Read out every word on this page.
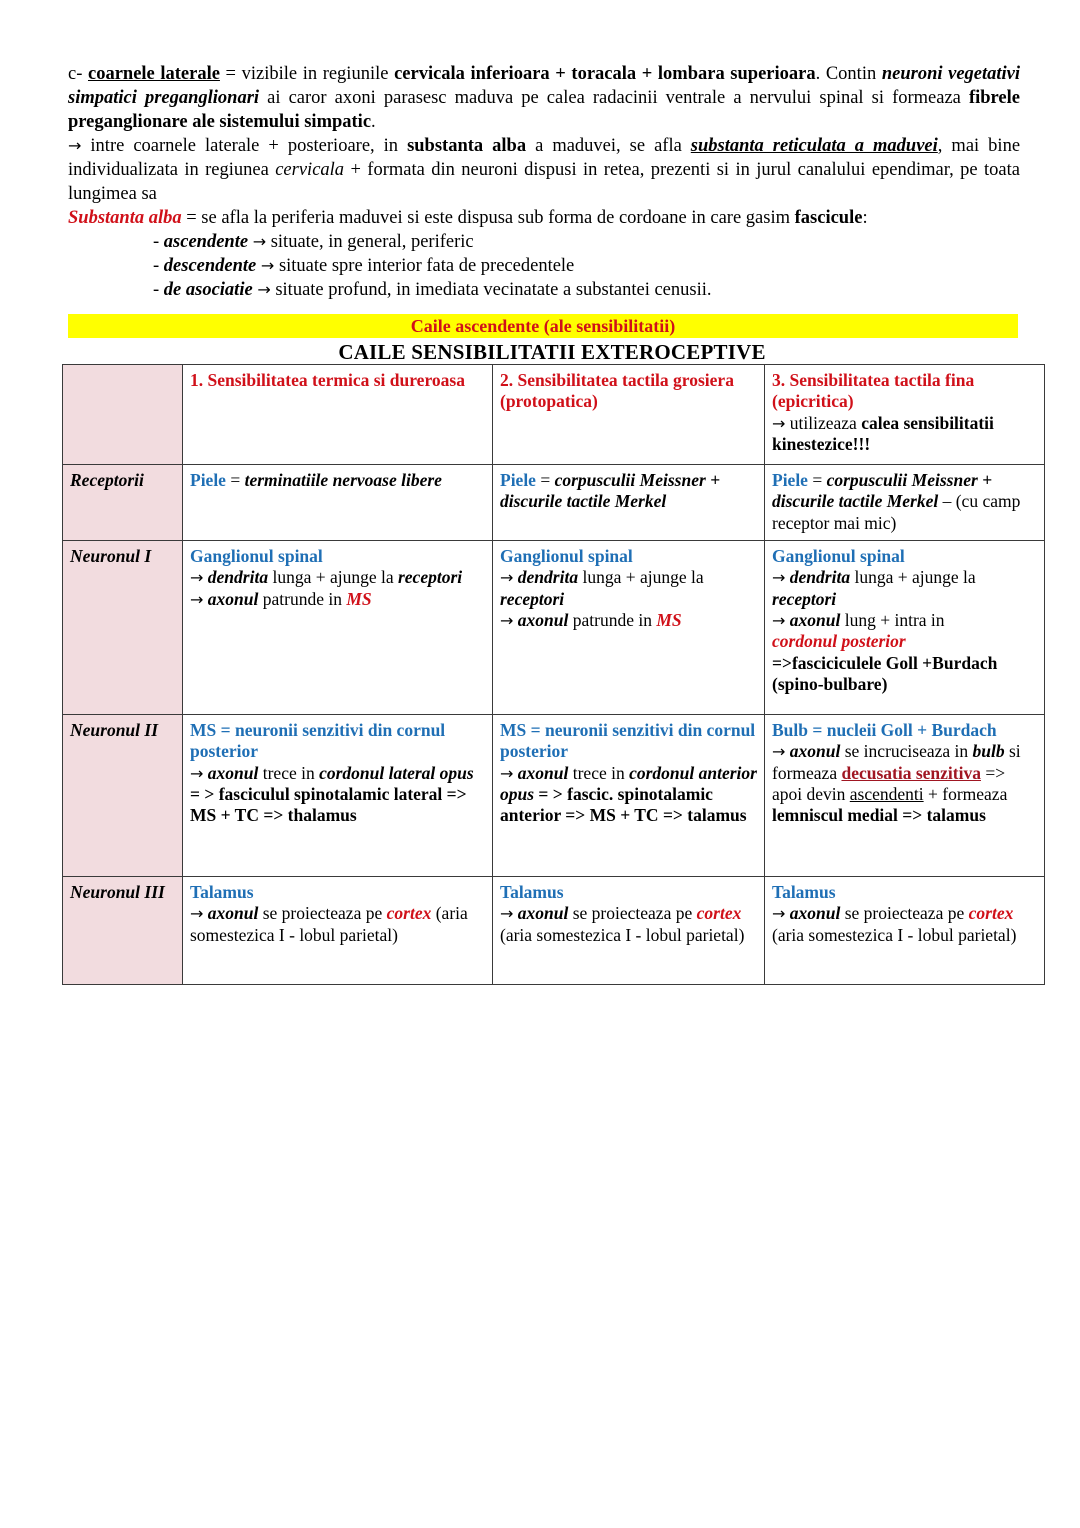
c- coarnele laterale = vizibile in regiunile cervicala inferioara + toracala + lombara superioara. Contin neuroni vegetativi simpatici preganglionari ai caror axoni parasesc maduva pe calea radacinii ventrale a nervului spinal si formeaza fibrele preganglionare ale sistemului simpatic.

→ intre coarnele laterale + posterioare, in substanta alba a maduvei, se afla substanta reticulata a maduvei, mai bine individualizata in regiunea cervicala + formata din neuroni dispusi in retea, prezenti si in jurul canalului ependimar, pe toata lungimea sa

Substanta alba = se afla la periferia maduvei si este dispusa sub forma de cordoane in care gasim fascicule:

- ascendente → situate, in general, periferic

- descendente → situate spre interior fata de precedentele

- de asociatie → situate profund, in imediata vecinatate a substantei cenusii.

Caile ascendente (ale sensibilitatii)
CAILE SENSIBILITATII EXTEROCEPTIVE
	1. Sensibilitatea termica si dureroasa	2. Sensibilitatea tactila grosiera (protopatica)	3. Sensibilitatea tactila fina (epicritica)
→ utilizeaza calea sensibilitatii kinestezice!!!
Receptorii	Piele = terminatiile nervoase libere	Piele = corpusculii Meissner + discurile tactile Merkel	Piele = corpusculii Meissner + discurile tactile Merkel – (cu camp receptor mai mic)
Neuronul I	Ganglionul spinal
→ dendrita lunga + ajunge la receptori
→ axonul patrunde in MS	Ganglionul spinal
→ dendrita lunga + ajunge la receptori
→ axonul patrunde in MS	Ganglionul spinal
→ dendrita lunga + ajunge la receptori
→ axonul lung + intra in
cordonul posterior
=>fasciciculele Goll +Burdach (spino-bulbare)
Neuronul II	MS = neuronii senzitivi din cornul posterior
→ axonul trece in cordonul lateral opus = > fasciculul spinotalamic lateral => MS + TC => thalamus	MS = neuronii senzitivi din cornul posterior
→ axonul trece in cordonul anterior opus = > fascic. spinotalamic anterior => MS + TC => talamus	Bulb = nucleii Goll + Burdach
→ axonul se incruciseaza in bulb si formeaza decusatia senzitiva => apoi devin ascendenti + formeaza lemniscul medial => talamus
Neuronul III	Talamus
→ axonul se proiecteaza pe cortex (aria somestezica I - lobul parietal)	Talamus
→ axonul se proiecteaza pe cortex (aria somestezica I - lobul parietal)	Talamus
→ axonul se proiecteaza pe cortex (aria somestezica I - lobul parietal)
